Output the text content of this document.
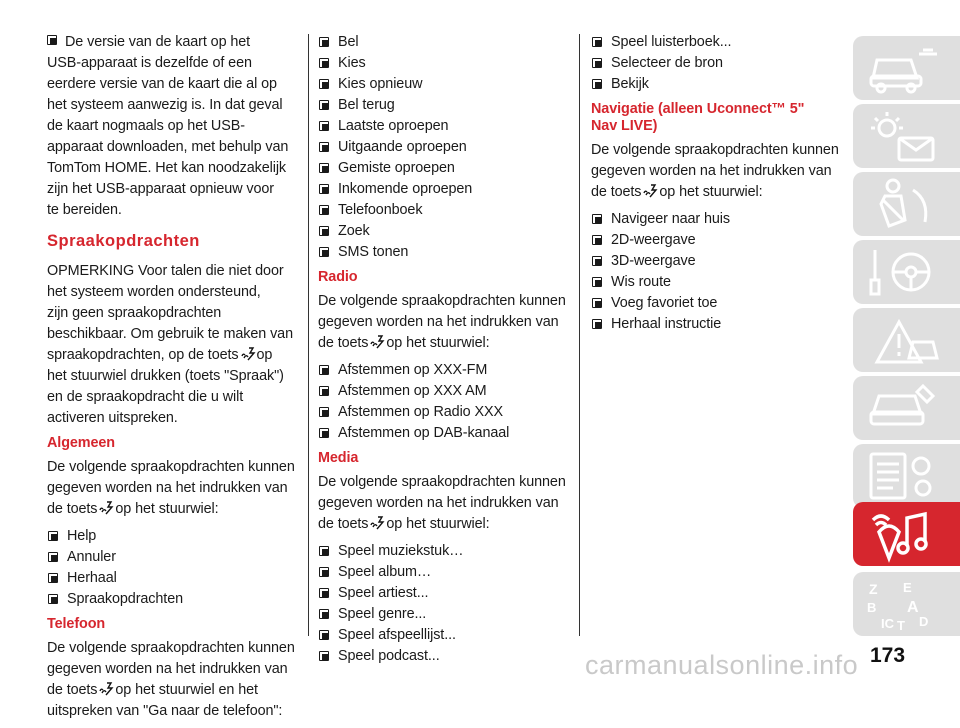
De versie van de kaart op het
USB-apparaat is dezelfde of een
eerdere versie van de kaart die al op
het systeem aanwezig is. In dat geval
de kaart nogmaals op het USB-
apparaat downloaden, met behulp van
TomTom HOME. Het kan noodzakelijk
zijn het USB-apparaat opnieuw voor
te bereiden.

Spraakopdrachten

OPMERKING Voor talen die niet door
het systeem worden ondersteund,
zijn geen spraakopdrachten
beschikbaar. Om gebruik te maken van
spraakopdrachten, op de toets op
het stuurwiel drukken (toets "Spraak")
en de spraakopdracht die u wilt
activeren uitspreken.

Algemeen

De volgende spraakopdrachten kunnen
gegeven worden na het indrukken van
de toets op het stuurwiel:

Help
Annuler
Herhaal
Spraakopdrachten
Telefoon

De volgende spraakopdrachten kunnen
gegeven worden na het indrukken van
de toets op het stuurwiel en het
uitspreken van "Ga naar de telefoon":

Bel
Kies
Kies opnieuw
Bel terug
Laatste oproepen
Uitgaande oproepen
Gemiste oproepen
Inkomende oproepen
Telefoonboek
Zoek
SMS tonen
Radio

De volgende spraakopdrachten kunnen
gegeven worden na het indrukken van
de toets op het stuurwiel:

Afstemmen op XXX-FM
Afstemmen op XXX AM
Afstemmen op Radio XXX
Afstemmen op DAB-kanaal
Media

De volgende spraakopdrachten kunnen
gegeven worden na het indrukken van
de toets op het stuurwiel:

Speel muziekstuk…
Speel album…
Speel artiest...
Speel genre...
Speel afspeellijst...
Speel podcast...
Speel luisterboek...
Selecteer de bron
Bekijk
Navigatie (alleen Uconnect™ 5"
Nav LIVE)

De volgende spraakopdrachten kunnen
gegeven worden na het indrukken van
de toets op het stuurwiel:

Navigeer naar huis
2D-weergave
3D-weergave
Wis route
Voeg favoriet toe
Herhaal instructie
Z E
B A
IC T D
173
carmanualsonline.info
